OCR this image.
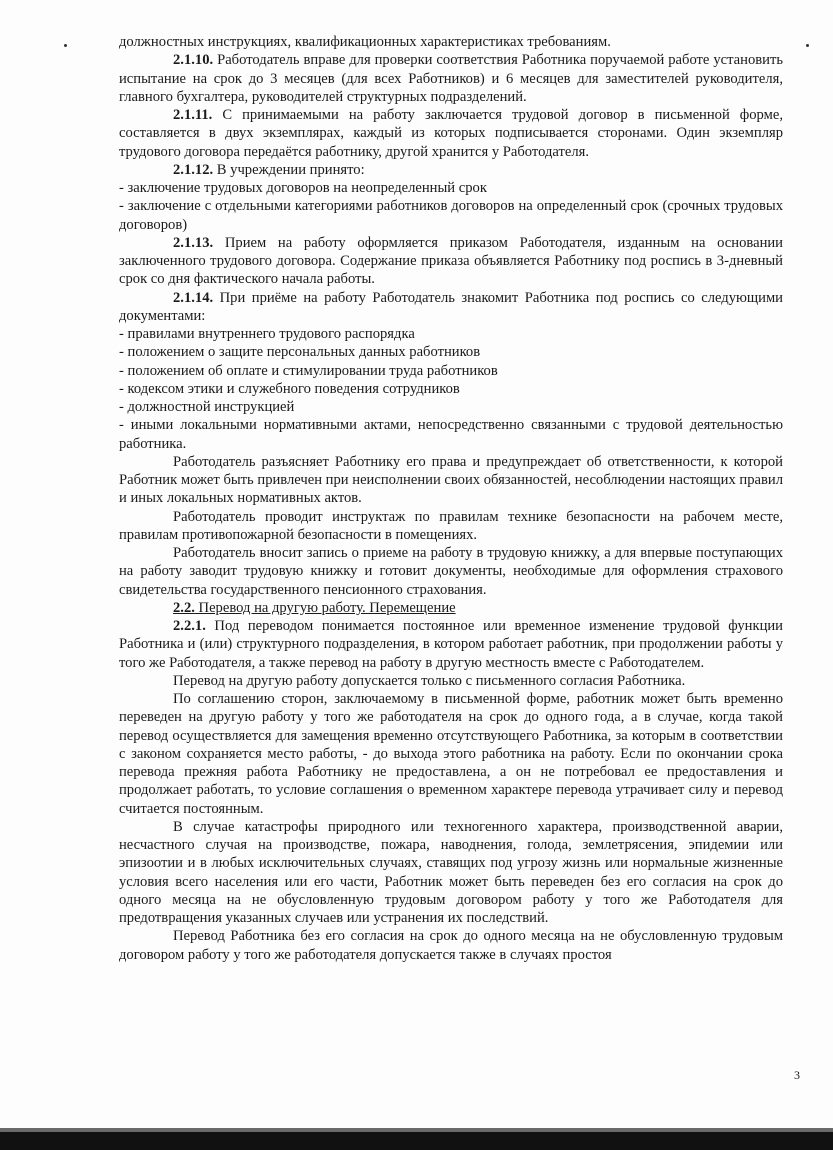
должностных инструкциях, квалификационных характеристиках требованиям.

2.1.10. Работодатель вправе для проверки соответствия Работника поручаемой работе установить испытание на срок до 3 месяцев (для всех Работников) и 6 месяцев для заместителей руководителя, главного бухгалтера, руководителей структурных подразделений.

2.1.11. С принимаемыми на работу заключается трудовой договор в письменной форме, составляется в двух экземплярах, каждый из которых подписывается сторонами. Один экземпляр трудового договора передаётся работнику, другой хранится у Работодателя.

2.1.12. В учреждении принято:

- заключение трудовых договоров на неопределенный срок

- заключение с отдельными категориями работников договоров на определенный срок (срочных трудовых договоров)

2.1.13. Прием на работу оформляется приказом Работодателя, изданным на основании заключенного трудового договора. Содержание приказа объявляется Работнику под роспись в 3-дневный срок со дня фактического начала работы.

2.1.14. При приёме на работу Работодатель знакомит Работника под роспись со следующими документами:

- правилами внутреннего трудового распорядка

- положением о защите персональных данных работников

- положением об оплате и стимулировании труда работников

- кодексом этики и служебного поведения сотрудников

- должностной инструкцией

- иными локальными нормативными актами, непосредственно связанными с трудовой деятельностью работника.

Работодатель разъясняет Работнику его права и предупреждает об ответственности, к которой Работник может быть привлечен при неисполнении своих обязанностей, несоблюдении настоящих правил и иных локальных нормативных актов.

Работодатель проводит инструктаж по правилам технике безопасности на рабочем месте, правилам противопожарной безопасности в помещениях.

Работодатель вносит запись о приеме на работу в трудовую книжку, а для впервые поступающих на работу заводит трудовую книжку и готовит документы, необходимые для оформления страхового свидетельства государственного пенсионного страхования.

2.2. Перевод на другую работу. Перемещение

2.2.1. Под переводом понимается постоянное или временное изменение трудовой функции Работника и (или) структурного подразделения, в котором работает работник, при продолжении работы у того же Работодателя, а также перевод на работу в другую местность вместе с Работодателем.

Перевод на другую работу допускается только с письменного согласия Работника.

По соглашению сторон, заключаемому в письменной форме, работник может быть временно переведен на другую работу у того же работодателя на срок до одного года, а в случае, когда такой перевод осуществляется для замещения временно отсутствующего Работника, за которым в соответствии с законом сохраняется место работы, - до выхода этого работника на работу. Если по окончании срока перевода прежняя работа Работнику не предоставлена, а он не потребовал ее предоставления и продолжает работать, то условие соглашения о временном характере перевода утрачивает силу и перевод считается постоянным.

В случае катастрофы природного или техногенного характера, производственной аварии, несчастного случая на производстве, пожара, наводнения, голода, землетрясения, эпидемии или эпизоотии и в любых исключительных случаях, ставящих под угрозу жизнь или нормальные жизненные условия всего населения или его части, Работник может быть переведен без его согласия на срок до одного месяца на не обусловленную трудовым договором работу у того же Работодателя для предотвращения указанных случаев или устранения их последствий.

Перевод Работника без его согласия на срок до одного месяца на не обусловленную трудовым договором работу у того же работодателя допускается также в случаях простоя

3
